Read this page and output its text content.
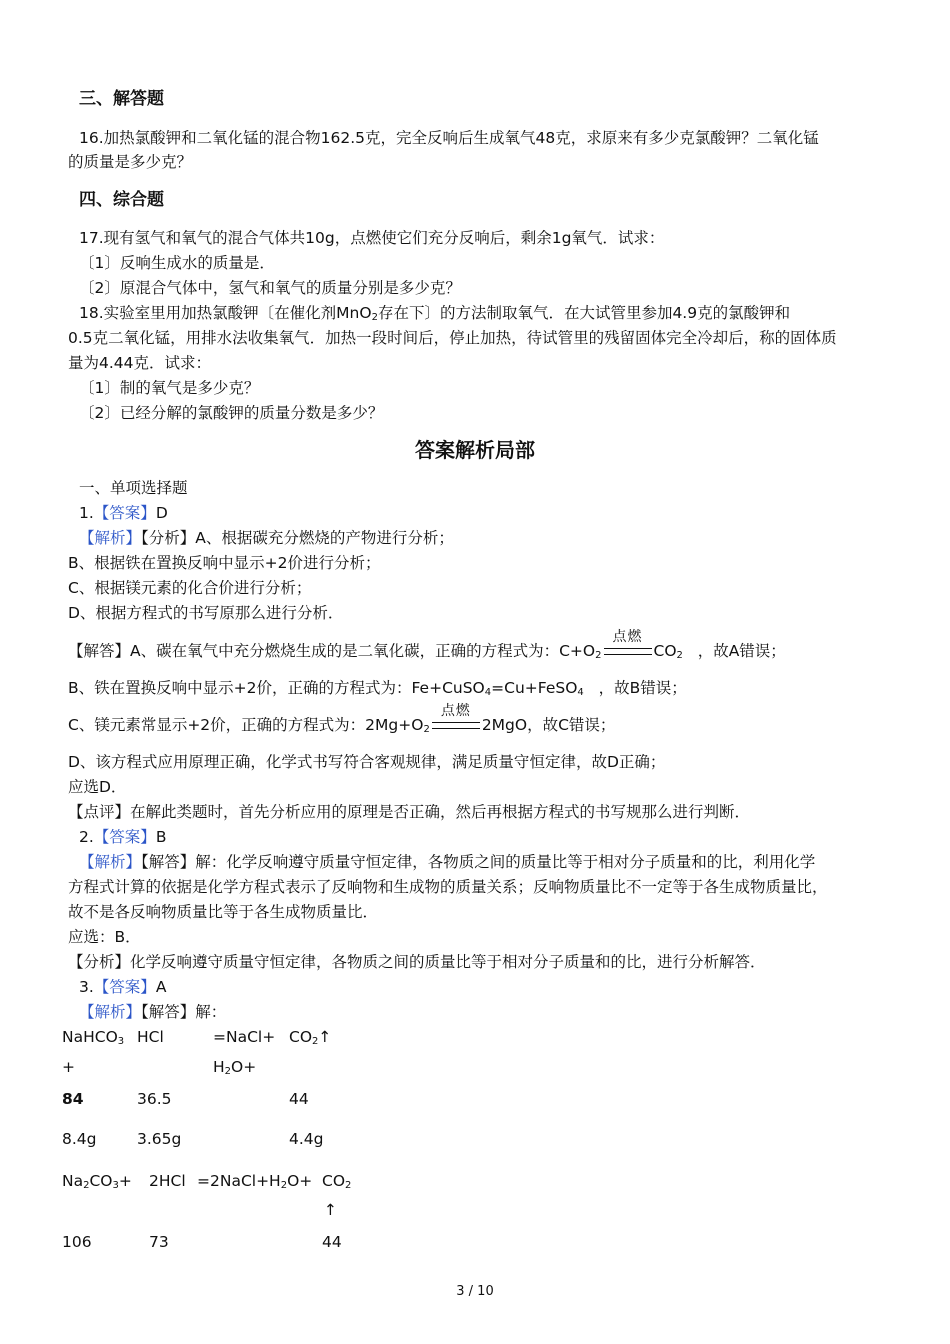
三、解答题
16.加热氯酸钾和二氧化锰的混合物162.5克，完全反响后生成氧气48克，求原来有多少克氯酸钾？二氧化锰
的质量是多少克？
四、综合题
17.现有氢气和氧气的混合气体共10g，点燃使它们充分反响后，剩余1g氧气．试求：
〔1〕反响生成水的质量是．
〔2〕原混合气体中，氢气和氧气的质量分别是多少克？
18.实验室里用加热氯酸钾〔在催化剂MnO$_2$存在下〕的方法制取氧气．在大试管里参加4.9克的氯酸钾和
0.5克二氧化锰，用排水法收集氧气．加热一段时间后，停止加热，待试管里的残留固体完全冷却后，称的固体质
量为4.44克．试求：
〔1〕制的氧气是多少克？
〔2〕已经分解的氯酸钾的质量分数是多少？
答案解析局部
一、单项选择题
1.【答案】D
【解析】【分析】A、根据碳充分燃烧的产物进行分析；
B、根据铁在置换反响中显示+2价进行分析；
C、根据镁元素的化合价进行分析；
D、根据方程式的书写原那么进行分析．
【解答】A、碳在氧气中充分燃烧生成的是二氧化碳，正确的方程式为：$C+O_2$
点燃
$CO_2$ ，故A错误；
B、铁在置换反响中显示+2价，正确的方程式为：Fe+CuSO$_4$=Cu+FeSO$_4$ ，故B错误；
C、镁元素常显示+2价，正确的方程式为：$2Mg+O_2$
点燃
2MgO，故C错误；
D、该方程式应用原理正确，化学式书写符合客观规律，满足质量守恒定律，故D正确；
应选D．
【点评】在解此类题时，首先分析应用的原理是否正确，然后再根据方程式的书写规那么进行判断．
2.【答案】B
【解析】【解答】解：化学反响遵守质量守恒定律，各物质之间的质量比等于相对分子质量和的比，利用化学
方程式计算的依据是化学方程式表示了反响物和生成物的质量关系；反响物质量比不一定等于各生成物质量比，
故不是各反响物质量比等于各生成物质量比．
应选：B．
【分析】化学反响遵守质量守恒定律，各物质之间的质量比等于相对分子质量和的比，进行分析解答．
3.【答案】A
【解析】【解答】解：
NaHCO$_3$
+
HCl	=NaCl+
$H_2O+$
$CO_2↑$
84	36.5	44
8.4g	3.65g	4.4g
$Na_2CO_3+ 2HCl$ $=2NaCl+H_2O+ CO_2$
↑
106	73	44
3 / 10
